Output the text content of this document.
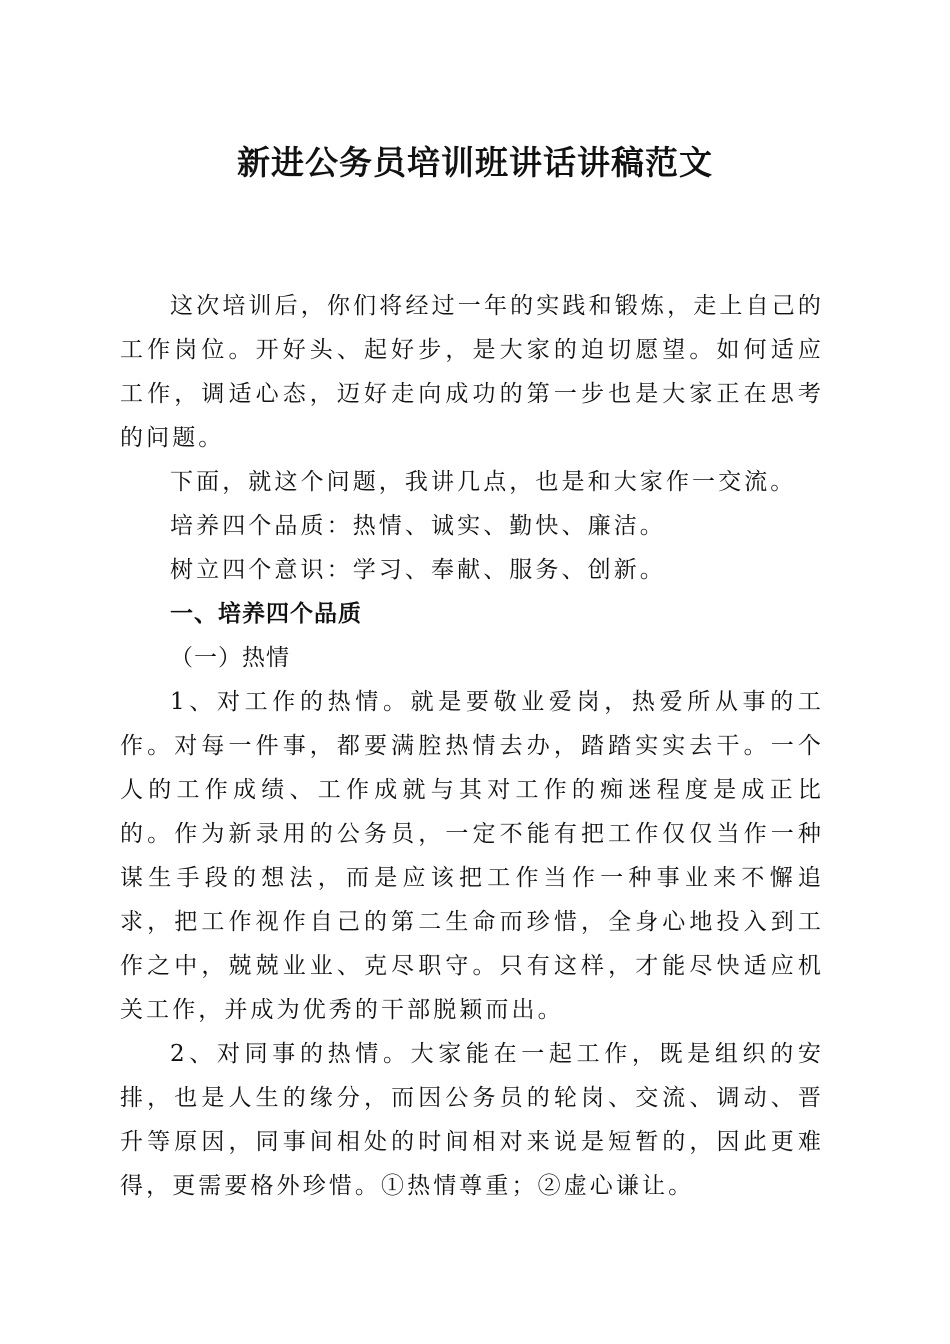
新进公务员培训班讲话讲稿范文

这次培训后，你们将经过一年的实践和锻炼，走上自己的工作岗位。开好头、起好步，是大家的迫切愿望。如何适应工作，调适心态，迈好走向成功的第一步也是大家正在思考的问题。

下面，就这个问题，我讲几点，也是和大家作一交流。

培养四个品质：热情、诚实、勤快、廉洁。

树立四个意识：学习、奉献、服务、创新。

一、培养四个品质

（一）热情

1、对工作的热情。就是要敬业爱岗，热爱所从事的工作。对每一件事，都要满腔热情去办，踏踏实实去干。一个人的工作成绩、工作成就与其对工作的痴迷程度是成正比的。作为新录用的公务员，一定不能有把工作仅仅当作一种谋生手段的想法，而是应该把工作当作一种事业来不懈追求，把工作视作自己的第二生命而珍惜，全身心地投入到工作之中，兢兢业业、克尽职守。只有这样，才能尽快适应机关工作，并成为优秀的干部脱颖而出。

2、对同事的热情。大家能在一起工作，既是组织的安排，也是人生的缘分，而因公务员的轮岗、交流、调动、晋升等原因，同事间相处的时间相对来说是短暂的，因此更难得，更需要格外珍惜。①热情尊重；②虚心谦让。
